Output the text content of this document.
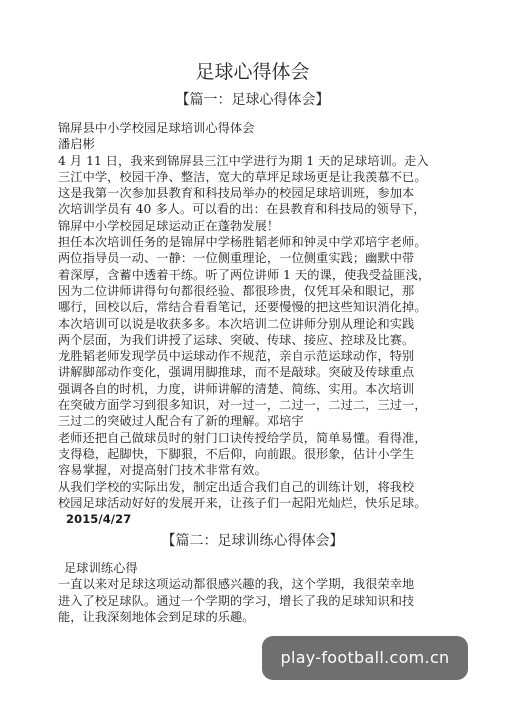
足球心得体会
【篇一：足球心得体会】
锦屏县中小学校园足球培训心得体会
潘启彬
4 月 11 日，我来到锦屏县三江中学进行为期 1 天的足球培训。走入
三江中学，校园干净、整洁，宽大的草坪足球场更是让我羡慕不已。
这是我第一次参加县教育和科技局举办的校园足球培训班，参加本
次培训学员有 40 多人。可以看的出：在县教育和科技局的领导下，
锦屏中小学校园足球运动正在蓬勃发展！
担任本次培训任务的是锦屏中学杨胜韬老师和钟灵中学邓培宇老师。
两位指导员一动、一静：一位侧重理论，一位侧重实践；幽默中带
着深厚，含蓄中透着干练。听了两位讲师 1 天的课，使我受益匪浅，
因为二位讲师讲得句句都很经验、都很珍贵，仅凭耳朵和眼记，那
哪行，回校以后，常结合看看笔记，还要慢慢的把这些知识消化掉。
本次培训可以说是收获多多。本次培训二位讲师分别从理论和实践
两个层面，为我们讲授了运球、突破、传球、接应、控球及比赛。
龙胜韬老师发现学员中运球动作不规范，亲自示范运球动作，特别
讲解脚部动作变化，强调用脚推球，而不是敲球。突破及传球重点
强调各自的时机，力度，讲师讲解的清楚、简练、实用。本次培训
在突破方面学习到很多知识，对一过一，二过一，二过二，三过一，
三过二的突破过人配合有了新的理解。邓培宇
老师还把自己做球员时的射门口诀传授给学员，简单易懂。看得准，
支得稳，起脚快，下脚狠，不后仰，向前跟。很形象，估计小学生
容易掌握，对提高射门技术非常有效。
从我们学校的实际出发，制定出适合我们自己的训练计划，将我校
校园足球活动好好的发展开来，让孩子们一起阳光灿烂，快乐足球。
2015/4/27
【篇二：足球训练心得体会】
足球训练心得
一直以来对足球这项运动都很感兴趣的我，这个学期，我很荣幸地
进入了校足球队。通过一个学期的学习，增长了我的足球知识和技
能，让我深刻地体会到足球的乐趣。
play-football.com.cn
